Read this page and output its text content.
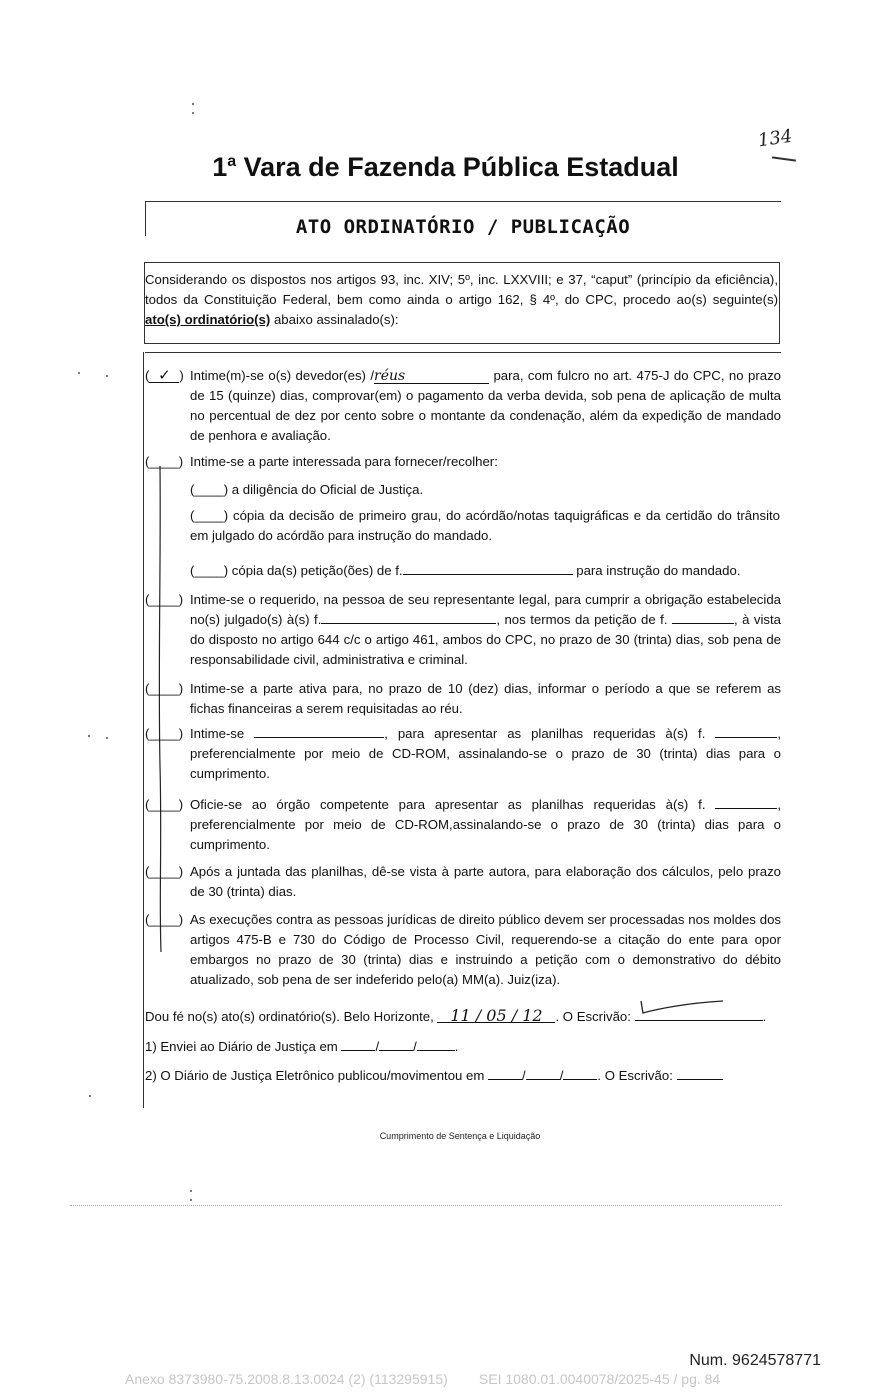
134
1$^a$ Vara de Fazenda Pública Estadual
ATO ORDINATÓRIO / PUBLICAÇÃO
Considerando os dispostos nos artigos 93, inc. XIV; 5º, inc. LXXVIII; e 37, “caput” (princípio da eficiência), todos da Constituição Federal, bem como ainda o artigo 162, § 4º, do CPC, procedo ao(s) seguinte(s) ato(s) ordinatório(s) abaixo assinalado(s):
( ✓ ) Intime(m)-se o(s) devedor(es) /réus	para, com fulcro no art. 475-J do CPC, no prazo de 15 (quinze) dias, comprovar(em) o pagamento da verba devida, sob pena de aplicação de multa no percentual de dez por cento sobre o montante da condenação, além da expedição de mandado de penhora e avaliação.
(____) Intime-se a parte interessada para fornecer/recolher:
(____) a diligência do Oficial de Justiça.
(____) cópia da decisão de primeiro grau, do acórdão/notas taquigráficas e da certidão do trânsito em julgado do acórdão para instrução do mandado.
(____) cópia da(s) petição(ões) de f.	para instrução do mandado.
(____) Intime-se o requerido, na pessoa de seu representante legal, para cumprir a obrigação estabelecida no(s) julgado(s) à(s) f.	, nos termos da petição de f.	, à vista do disposto no artigo 644 c/c o artigo 461, ambos do CPC, no prazo de 30 (trinta) dias, sob pena de responsabilidade civil, administrativa e criminal.
(____) Intime-se a parte ativa para, no prazo de 10 (dez) dias, informar o período a que se referem as fichas financeiras a serem requisitadas ao réu.
(____) Intime-se	, para apresentar as planilhas requeridas à(s) f.	, preferencialmente por meio de CD-ROM, assinalando-se o prazo de 30 (trinta) dias para o cumprimento.
(____) Oficie-se ao órgão competente para apresentar as planilhas requeridas à(s) f.	, preferencialmente por meio de CD-ROM,assinalando-se o prazo de 30 (trinta) dias para o cumprimento.
(____) Após a juntada das planilhas, dê-se vista à parte autora, para elaboração dos cálculos, pelo prazo de 30 (trinta) dias.
(____) As execuções contra as pessoas jurídicas de direito público devem ser processadas nos moldes dos artigos 475-B e 730 do Código de Processo Civil, requerendo-se a citação do ente para opor embargos no prazo de 30 (trinta) dias e instruindo a petição com o demonstrativo do débito atualizado, sob pena de ser indeferido pelo(a) MM(a). Juiz(iza).
Dou fé no(s) ato(s) ordinatório(s). Belo Horizonte, 11 / 05 / 12 . O Escrivão:	.
1) Enviei ao Diário de Justiça em	/	/	.
2) O Diário de Justiça Eletrônico publicou/movimentou em	/	/	. O Escrivão:
Cumprimento de Sentença e Liquidação
Num. 9624578771
Anexo 8373980-75.2008.8.13.0024 (2) (113295915)        SEI 1080.01.0040078/2025-45 / pg. 84
